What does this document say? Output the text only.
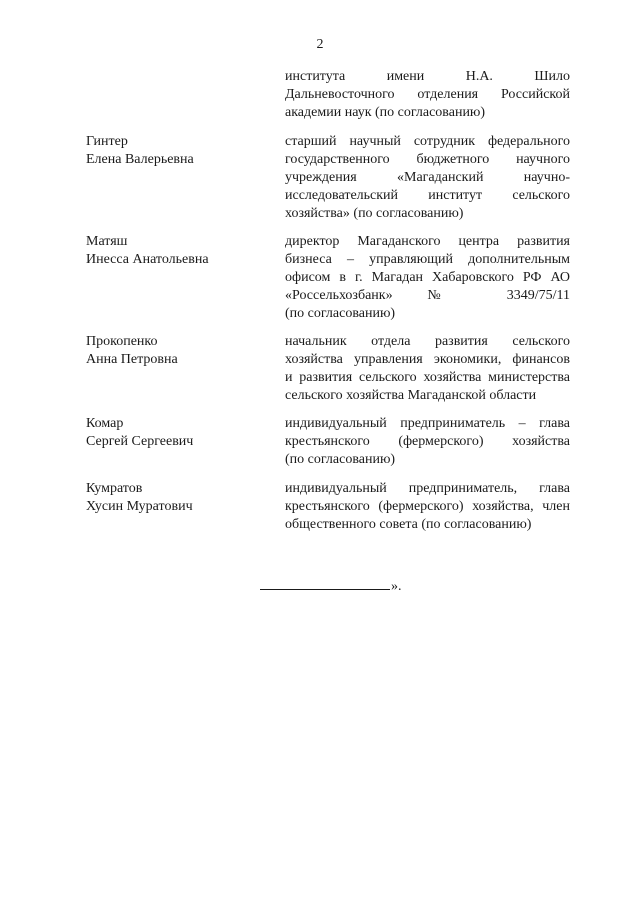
2
института имени Н.А. Шило
Дальневосточного отделения Российской
академии наук (по согласованию)
Гинтер
Елена Валерьевна
старший научный сотрудник федерального
государственного бюджетного научного
учреждения «Магаданский научно-
исследовательский институт сельского
хозяйства» (по согласованию)
Матяш
Инесса Анатольевна
директор Магаданского центра развития
бизнеса – управляющий дополнительным
офисом в г. Магадан Хабаровского РФ АО
«Россельхозбанк» № 3349/75/11
(по согласованию)
Прокопенко
Анна Петровна
начальник отдела развития сельского
хозяйства управления экономики, финансов
и развития сельского хозяйства министерства
сельского хозяйства Магаданской области
Комар
Сергей Сергеевич
индивидуальный предприниматель – глава
крестьянского (фермерского) хозяйства
(по согласованию)
Кумратов
Хусин Муратович
индивидуальный предприниматель, глава
крестьянского (фермерского) хозяйства, член
общественного совета (по согласованию)
».
